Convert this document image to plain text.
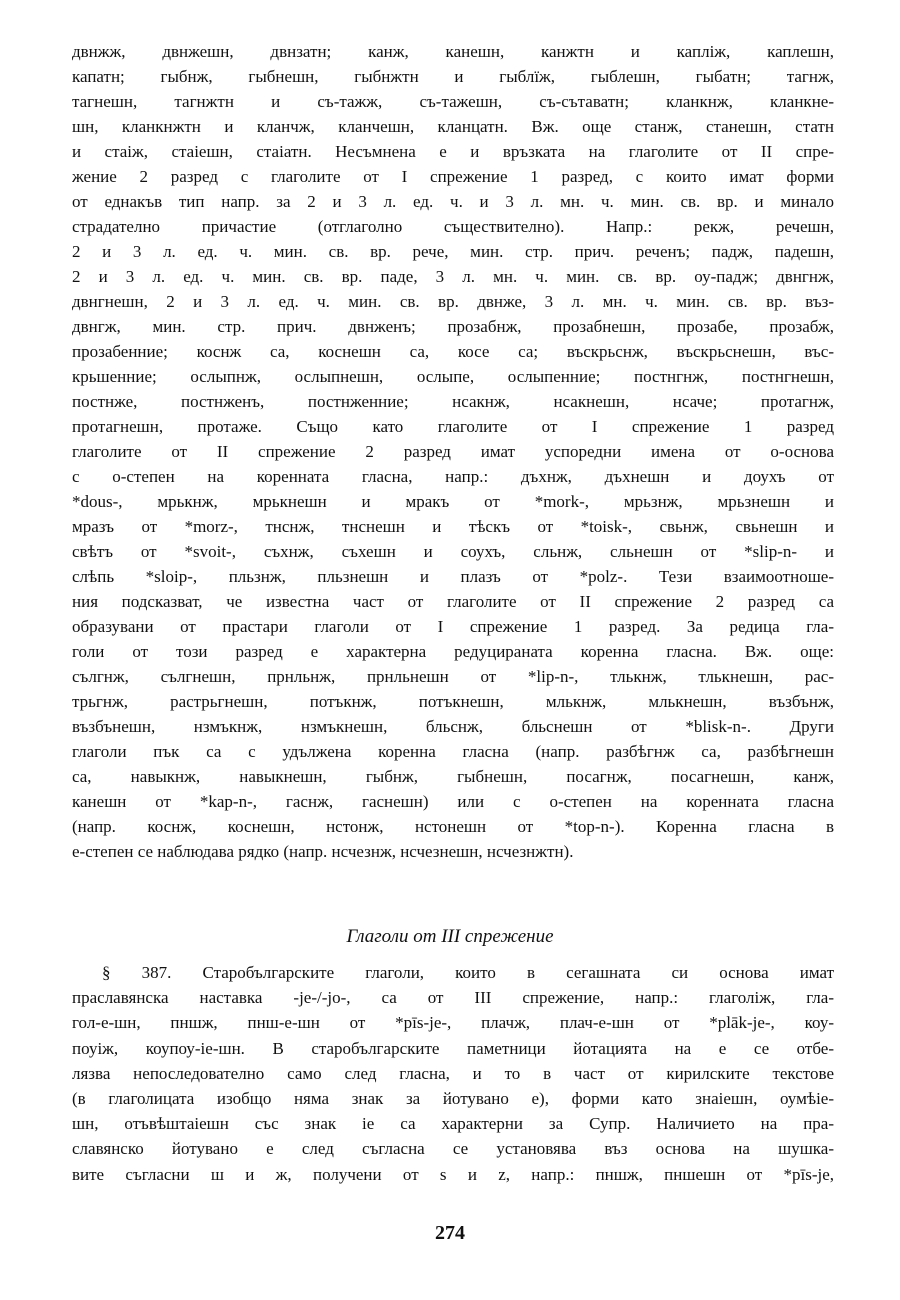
двнжж, двнжешн, двнзатн; канж, канешн, канжтн и капліж, каплешн,
капатн; гыбнж, гыбнешн, гыбнжтн и гыблїж, гыблешн, гыбатн; тагнж,
тагнешн, тагнжтн и съ-тажж, съ-тажешн, съ-сътаватн; кланкнж, кланкне-
шн, кланкнжтн и кланчж, кланчешн, кланцатн. Вж. още станж, станешн, статн
и стаіж, стаіешн, стаіатн. Несъмнена е и връзката на глаголите от II спре-
жение 2 разред с глаголите от I спрежение 1 разред, с които имат форми
от еднакъв тип напр. за 2 и 3 л. ед. ч. и 3 л. мн. ч. мин. св. вр. и минало
страдателно причастие (отглаголно съществително). Напр.: рекж, речешн,
2 и 3 л. ед. ч. мин. св. вр. рече, мин. стр. прич. реченъ; падж, падешн,
2 и 3 л. ед. ч. мин. св. вр. паде, 3 л. мн. ч. мин. св. вр. оу-падж; двнгнж,
двнгнешн, 2 и 3 л. ед. ч. мин. св. вр. двнже, 3 л. мн. ч. мин. св. вр. въз-
двнгж, мин. стр. прич. двнженъ; прозабнж, прозабнешн, прозабе, прозабж,
прозабенние; коснж са, коснешн са, косе са; въскрьснж, въскрьснешн, въс-
крьшенние; ослыпнж, ослыпнешн, ослыпе, ослыпенние; постнгнж, постнгнешн,
постнже, постнженъ, постнженние; нсакнж, нсакнешн, нсаче; протагнж,
протагнешн, протаже. Също като глаголите от I спрежение 1 разред
глаголите от II спрежение 2 разред имат успоредни имена от о-основа
с о-степен на коренната гласна, напр.: дъхнж, дъхнешн и доухъ от
*dous-, мрькнж, мрькнешн и мракъ от *mork-, мрьзнж, мрьзнешн и
мразъ от *morz-, тнснж, тнснешн и тѣскъ от *toisk-, свьнж, свьнешн и
свѣтъ от *svoit-, съхнж, съхешн и соухъ, сльнж, сльнешн от *slip-n- и
слѣпь *sloip-, пльзнж, пльзнешн и плазъ от *polz-. Тези взаимоотноше-
ния подсказват, че известна част от глаголите от II спрежение 2 разред са
образувани от прастари глаголи от I спрежение 1 разред. За редица гла-
голи от този разред е характерна редуцираната коренна гласна. Вж. още:
сългнж, сългнешн, прнльнж, прнльнешн от *lip-n-, тлькнж, тлькнешн, рас-
трьгнж, растрьгнешн, потъкнж, потъкнешн, млькнж, млькнешн, възбънж,
възбънешн, нзмъкнж, нзмъкнешн, бльснж, бльснешн от *blisk-n-. Други
глаголи пък са с удължена коренна гласна (напр. разбѣгнж са, разбѣгнешн
са, навыкнж, навыкнешн, гыбнж, гыбнешн, посагнж, посагнешн, канж,
канешн от *kap-n-, гаснж, гаснешн) или с о-степен на коренната гласна
(напр. коснж, коснешн, нстонж, нстонешн от *top-n-). Коренна гласна в
е-степен се наблюдава рядко (напр. нсчезнж, нсчезнешн, нсчезнжтн).
Глаголи от III спрежение
§ 387. Старобългарските глаголи, които в сегашната си основа имат
праславянска наставка -je-/-jo-, са от III спрежение, напр.: глаголіж, гла-
гол-е-шн, пншж, пнш-е-шн от *pīs-je-, плачж, плач-е-шн от *plāk-je-, коу-
поуіж, коупоу-іе-шн. В старобългарските паметници йотацията на е се отбе-
лязва непоследователно само след гласна, и то в част от кирилските текстове
(в глаголицата изобщо няма знак за йотувано е), форми като знаіешн, оумѣіе-
шн, отъвѣштаіешн със знак іе са характерни за Супр. Наличието на пра-
славянско йотувано е след съгласна се установява въз основа на шушка-
вите съгласни ш и ж, получени от s и z, напр.: пншж, пншешн от *pīs-je,
274
